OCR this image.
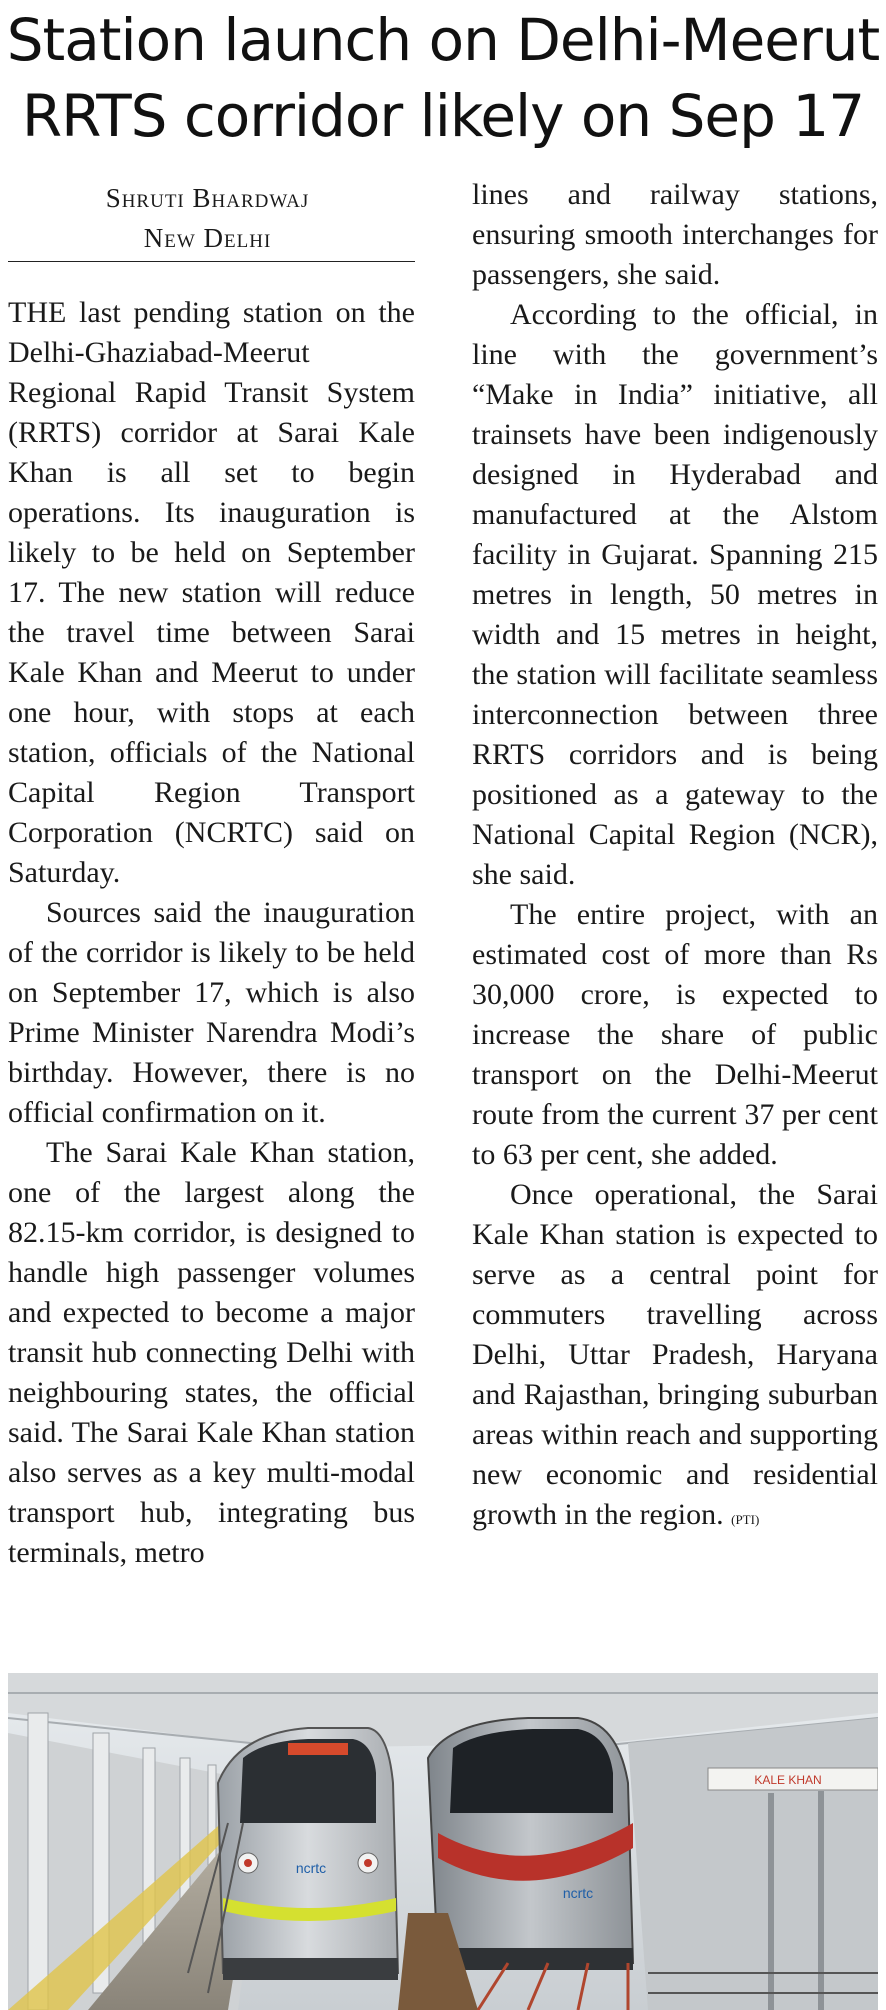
Station launch on Delhi-Meerut
RRTS corridor likely on Sep 17
Shruti Bhardwaj
New Delhi

THE last pending station on the Delhi-Ghaziabad-Meerut Regional Rapid Transit System (RRTS) corridor at Sarai Kale Khan is all set to begin operations. Its inauguration is likely to be held on September 17. The new station will reduce the travel time between Sarai Kale Khan and Meerut to under one hour, with stops at each station, officials of the National Capital Region Transport Corporation (NCRTC) said on Saturday.

Sources said the inauguration of the corridor is likely to be held on September 17, which is also Prime Minister Narendra Modi’s birthday. However, there is no official confirmation on it.

The Sarai Kale Khan station, one of the largest along the 82.15-km corridor, is designed to handle high passenger volumes and expected to become a major transit hub connecting Delhi with neighbouring states, the official said. The Sarai Kale Khan station also serves as a key multi-modal transport hub, integrating bus terminals, metro

lines and railway stations, ensuring smooth interchanges for passengers, she said.

According to the official, in line with the government’s “Make in India” initiative, all trainsets have been indigenously designed in Hyderabad and manufactured at the Alstom facility in Gujarat. Spanning 215 metres in length, 50 metres in width and 15 metres in height, the station will facilitate seamless interconnection between three RRTS corridors and is being positioned as a gateway to the National Capital Region (NCR), she said.

The entire project, with an estimated cost of more than Rs 30,000 crore, is expected to increase the share of public transport on the Delhi-Meerut route from the current 37 per cent to 63 per cent, she added.

Once operational, the Sarai Kale Khan station is expected to serve as a central point for commuters travelling across Delhi, Uttar Pradesh, Haryana and Rajasthan, bringing suburban areas within reach and supporting new economic and residential growth in the region. (PTI)

KALE KHAN
ncrtc
ncrtc
